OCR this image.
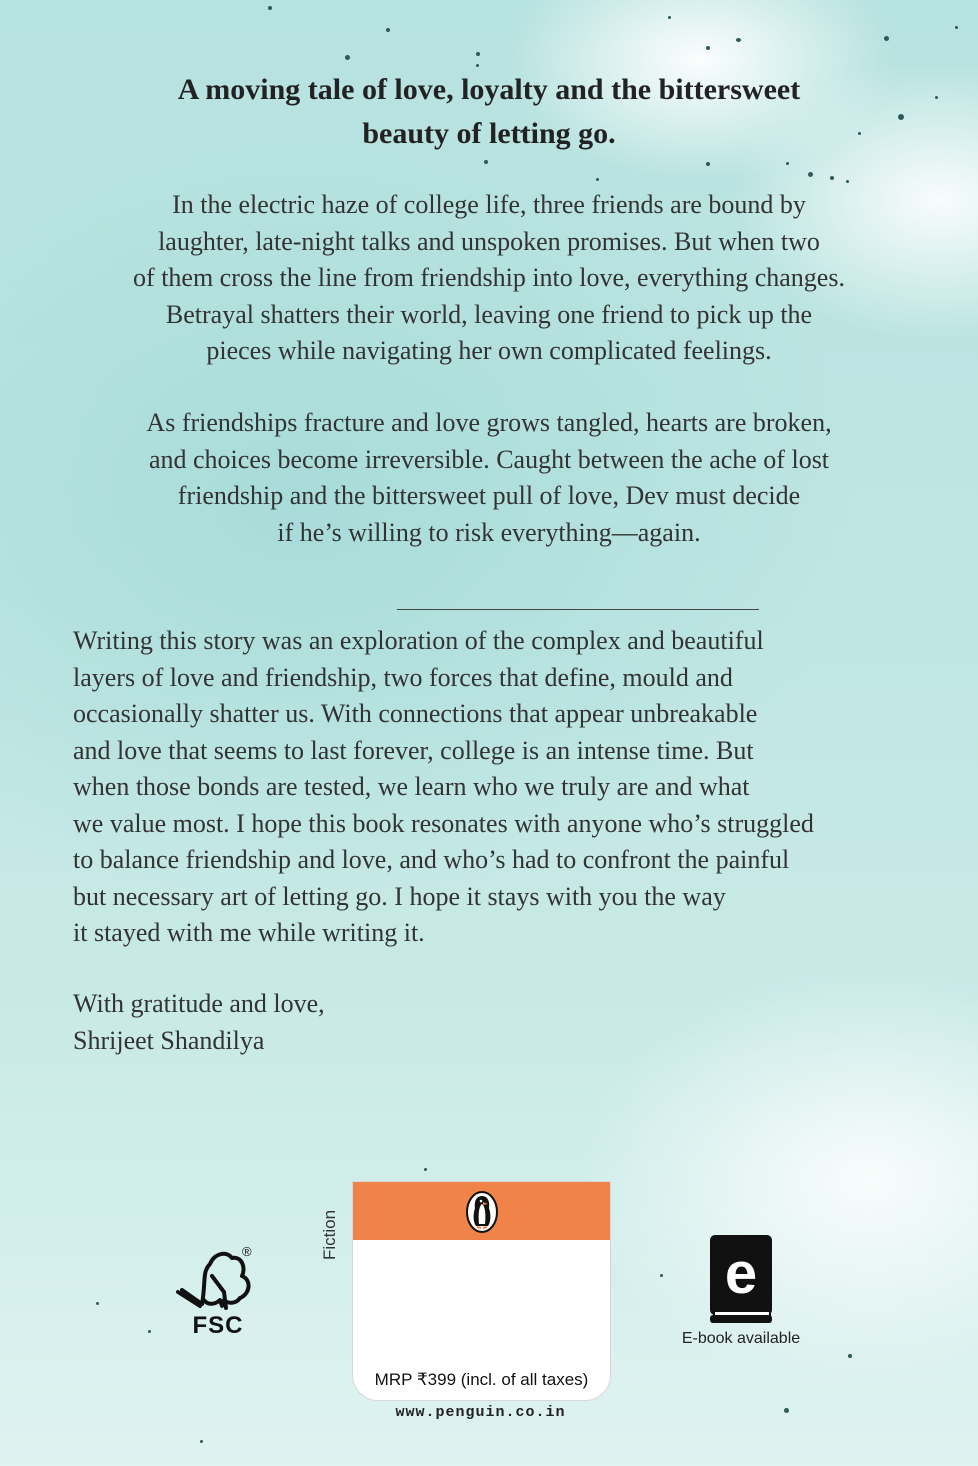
A moving tale of love, loyalty and the bittersweet
beauty of letting go.
In the electric haze of college life, three friends are bound by
laughter, late-night talks and unspoken promises. But when two
of them cross the line from friendship into love, everything changes.
Betrayal shatters their world, leaving one friend to pick up the
pieces while navigating her own complicated feelings.
As friendships fracture and love grows tangled, hearts are broken,
and choices become irreversible. Caught between the ache of lost
friendship and the bittersweet pull of love, Dev must decide
if he’s willing to risk everything—again.
Writing this story was an exploration of the complex and beautiful
layers of love and friendship, two forces that define, mould and
occasionally shatter us. With connections that appear unbreakable
and love that seems to last forever, college is an intense time. But
when those bonds are tested, we learn who we truly are and what
we value most. I hope this book resonates with anyone who’s struggled
to balance friendship and love, and who’s had to confront the painful
but necessary art of letting go. I hope it stays with you the way
it stayed with me while writing it.
With gratitude and love,
Shrijeet Shandilya
®
FSC
Fiction
MRP ₹399 (incl. of all taxes)
www.penguin.co.in
e
E-book available
